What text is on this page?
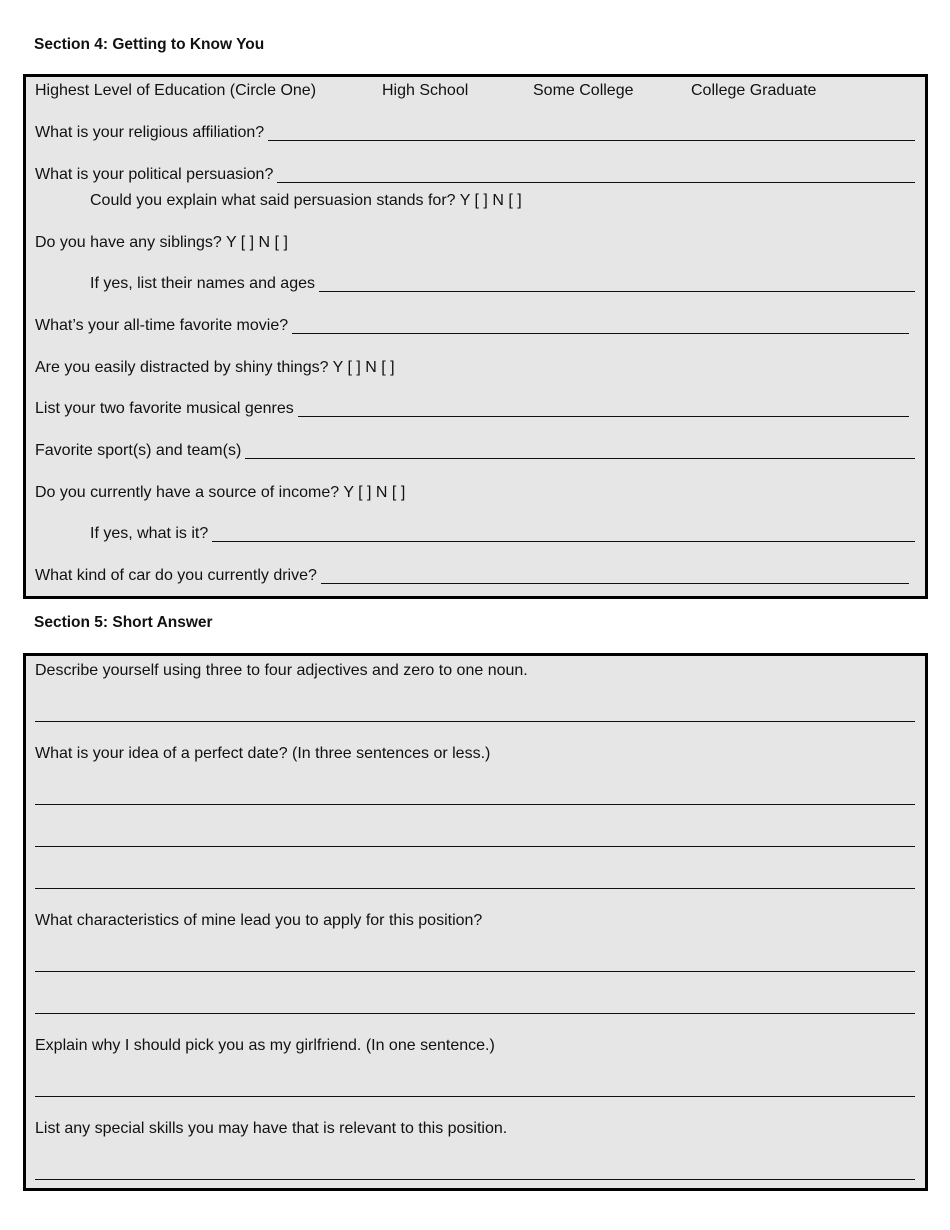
Section 4: Getting to Know You
Highest Level of Education (Circle One)	High School	Some College	College Graduate
What is your religious affiliation?
What is your political persuasion?
Could you explain what said persuasion stands for? Y [ ] N [ ]
Do you have any siblings? Y [ ] N [ ]
If yes, list their names and ages
What’s your all-time favorite movie?
Are you easily distracted by shiny things? Y [ ] N [ ]
List your two favorite musical genres
Favorite sport(s) and team(s)
Do you currently have a source of income? Y [ ] N [ ]
If yes, what is it?
What kind of car do you currently drive?
Section 5: Short Answer
Describe yourself using three to four adjectives and zero to one noun.
What is your idea of a perfect date? (In three sentences or less.)
What characteristics of mine lead you to apply for this position?
Explain why I should pick you as my girlfriend. (In one sentence.)
List any special skills you may have that is relevant to this position.
